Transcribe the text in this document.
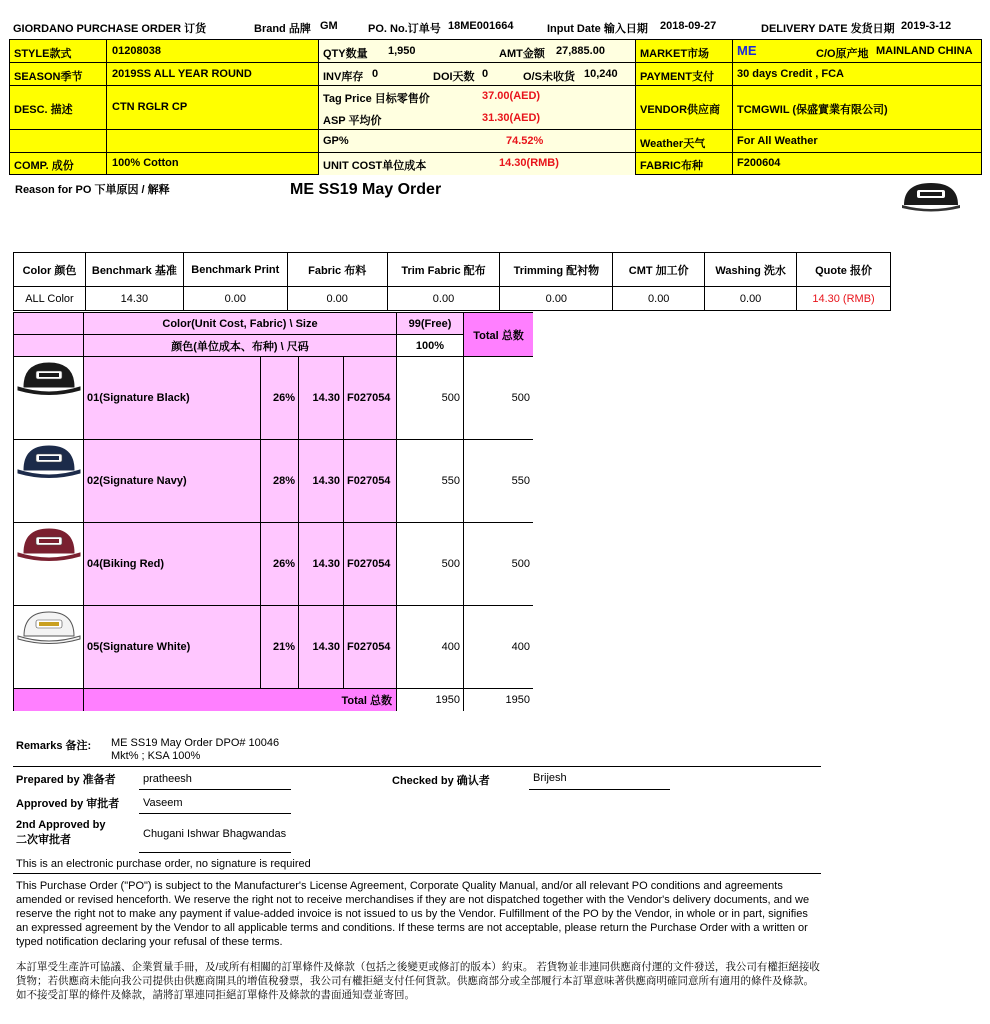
GIORDANO PURCHASE ORDER 订货	Brand 品牌 GM	PO. No.订单号 18ME001664	Input Date 输入日期 2018-09-27	DELIVERY DATE 发货日期 2019-3-12
STYLE款式	01208038
SEASON季节	2019SS ALL YEAR ROUND
DESC. 描述	CTN RGLR CP
COMP. 成份	100% Cotton
QTY数量 1,950	AMT金额 27,885.00
INV库存 0	DOI天数 0	O/S未收货 10,240
Tag Price 目标零售价	37.00(AED)
ASP 平均价	31.30(AED)
GP%	74.52%
UNIT COST单位成本	14.30(RMB)
MARKET市场 ME	C/O原产地 MAINLAND CHINA
PAYMENT支付 30 days Credit , FCA
VENDOR供应商 TCMGWIL (保盛實業有限公司)
Weather天气	For All Weather
FABRIC布种	F200604
Reason for PO 下単原因 / 解释	ME SS19 May Order
Color 颜色	Benchmark 基准	Benchmark Print	Fabric 布料	Trim Fabric 配布	Trimming 配衬物	CMT 加工价	Washing 洗水	Quote 报价
ALL Color	14.30	0.00	0.00	0.00	0.00	0.00	0.00	14.30 (RMB)
Color(Unit Cost, Fabric) \ Size
颜色(单位成本、布种) \ 尺码
99(Free)
100%
Total 总数
01(Signature Black)	26% 14.30 F027054	500	500
02(Signature Navy)	28% 14.30 F027054	550	550
04(Biking Red)	26% 14.30 F027054	500	500
05(Signature White)	21% 14.30 F027054	400	400
Total 总数	1950	1950
Remarks 备注: ME SS19 May Order DPO# 10046
Mkt% ; KSA 100%
Prepared by 准备者 pratheesh	Checked by 确认者	Brijesh
Approved by 审批者 Vaseem
2nd Approved by
二次审批者	Chugani Ishwar Bhagwandas
This is an electronic purchase order, no signature is required
This Purchase Order ("PO") is subject to the Manufacturer's License Agreement, Corporate Quality Manual, and/or all relevant PO conditions and agreements amended or revised henceforth. We reserve the right not to receive merchandises if they are not dispatched together with the Vendor's delivery documents, and we reserve the right not to make any payment if value-added invoice is not issued to us by the Vendor. Fulfillment of the PO by the Vendor, in whole or in part, signifies an expressed agreement by the Vendor to all applicable terms and conditions. If these terms are not acceptable, please return the Purchase Order with a written or typed notification declaring your refusal of these terms.
本訂單受生產許可協議、企業質量手冊，及/或所有相關的訂單條件及條款（包括之後變更或修訂的版本）約束。 若貨物並非連同供應商付運的文件發送，我公司有權拒絕接收貨物；若供應商未能向我公司提供由供應商開具的增值稅發票，我公司有權拒絕支付任何貨款。供應商部分或全部履行本訂單意味著供應商明確同意所有適用的條件及條款。如不接受訂單的條件及條款，請將訂單連同拒絕訂單條件及條款的書面通知壹並寄回。
